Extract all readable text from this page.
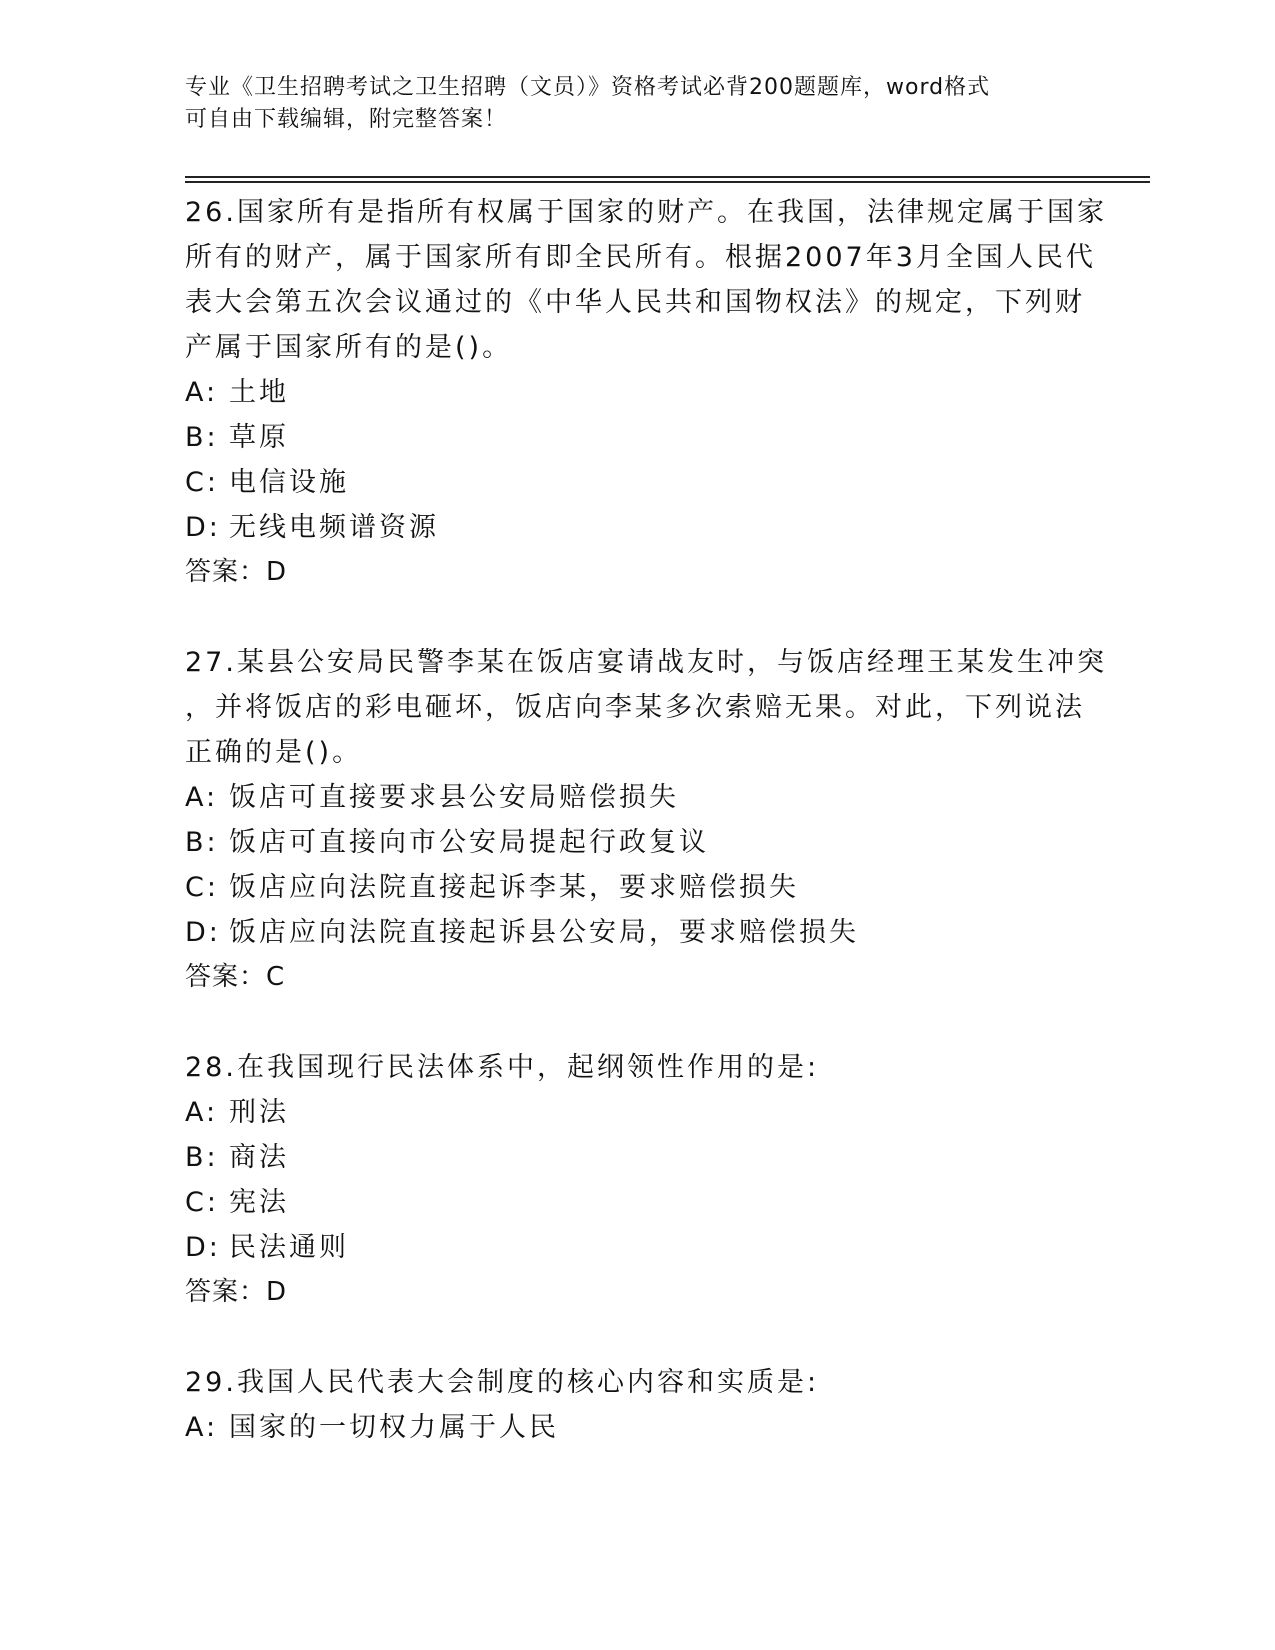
专业《卫生招聘考试之卫生招聘（文员）》资格考试必背200题题库，word格式
可自由下载编辑，附完整答案！
26.国家所有是指所有权属于国家的财产。在我国，法律规定属于国家
所有的财产，属于国家所有即全民所有。根据2007年3月全国人民代
表大会第五次会议通过的《中华人民共和国物权法》的规定，下列财
产属于国家所有的是()。
A: 土地
B: 草原
C: 电信设施
D: 无线电频谱资源
答案：D
27.某县公安局民警李某在饭店宴请战友时，与饭店经理王某发生冲突
，并将饭店的彩电砸坏，饭店向李某多次索赔无果。对此，下列说法
正确的是()。
A: 饭店可直接要求县公安局赔偿损失
B: 饭店可直接向市公安局提起行政复议
C: 饭店应向法院直接起诉李某，要求赔偿损失
D: 饭店应向法院直接起诉县公安局，要求赔偿损失
答案：C
28.在我国现行民法体系中，起纲领性作用的是:
A: 刑法
B: 商法
C: 宪法
D: 民法通则
答案：D
29.我国人民代表大会制度的核心内容和实质是:
A: 国家的一切权力属于人民
